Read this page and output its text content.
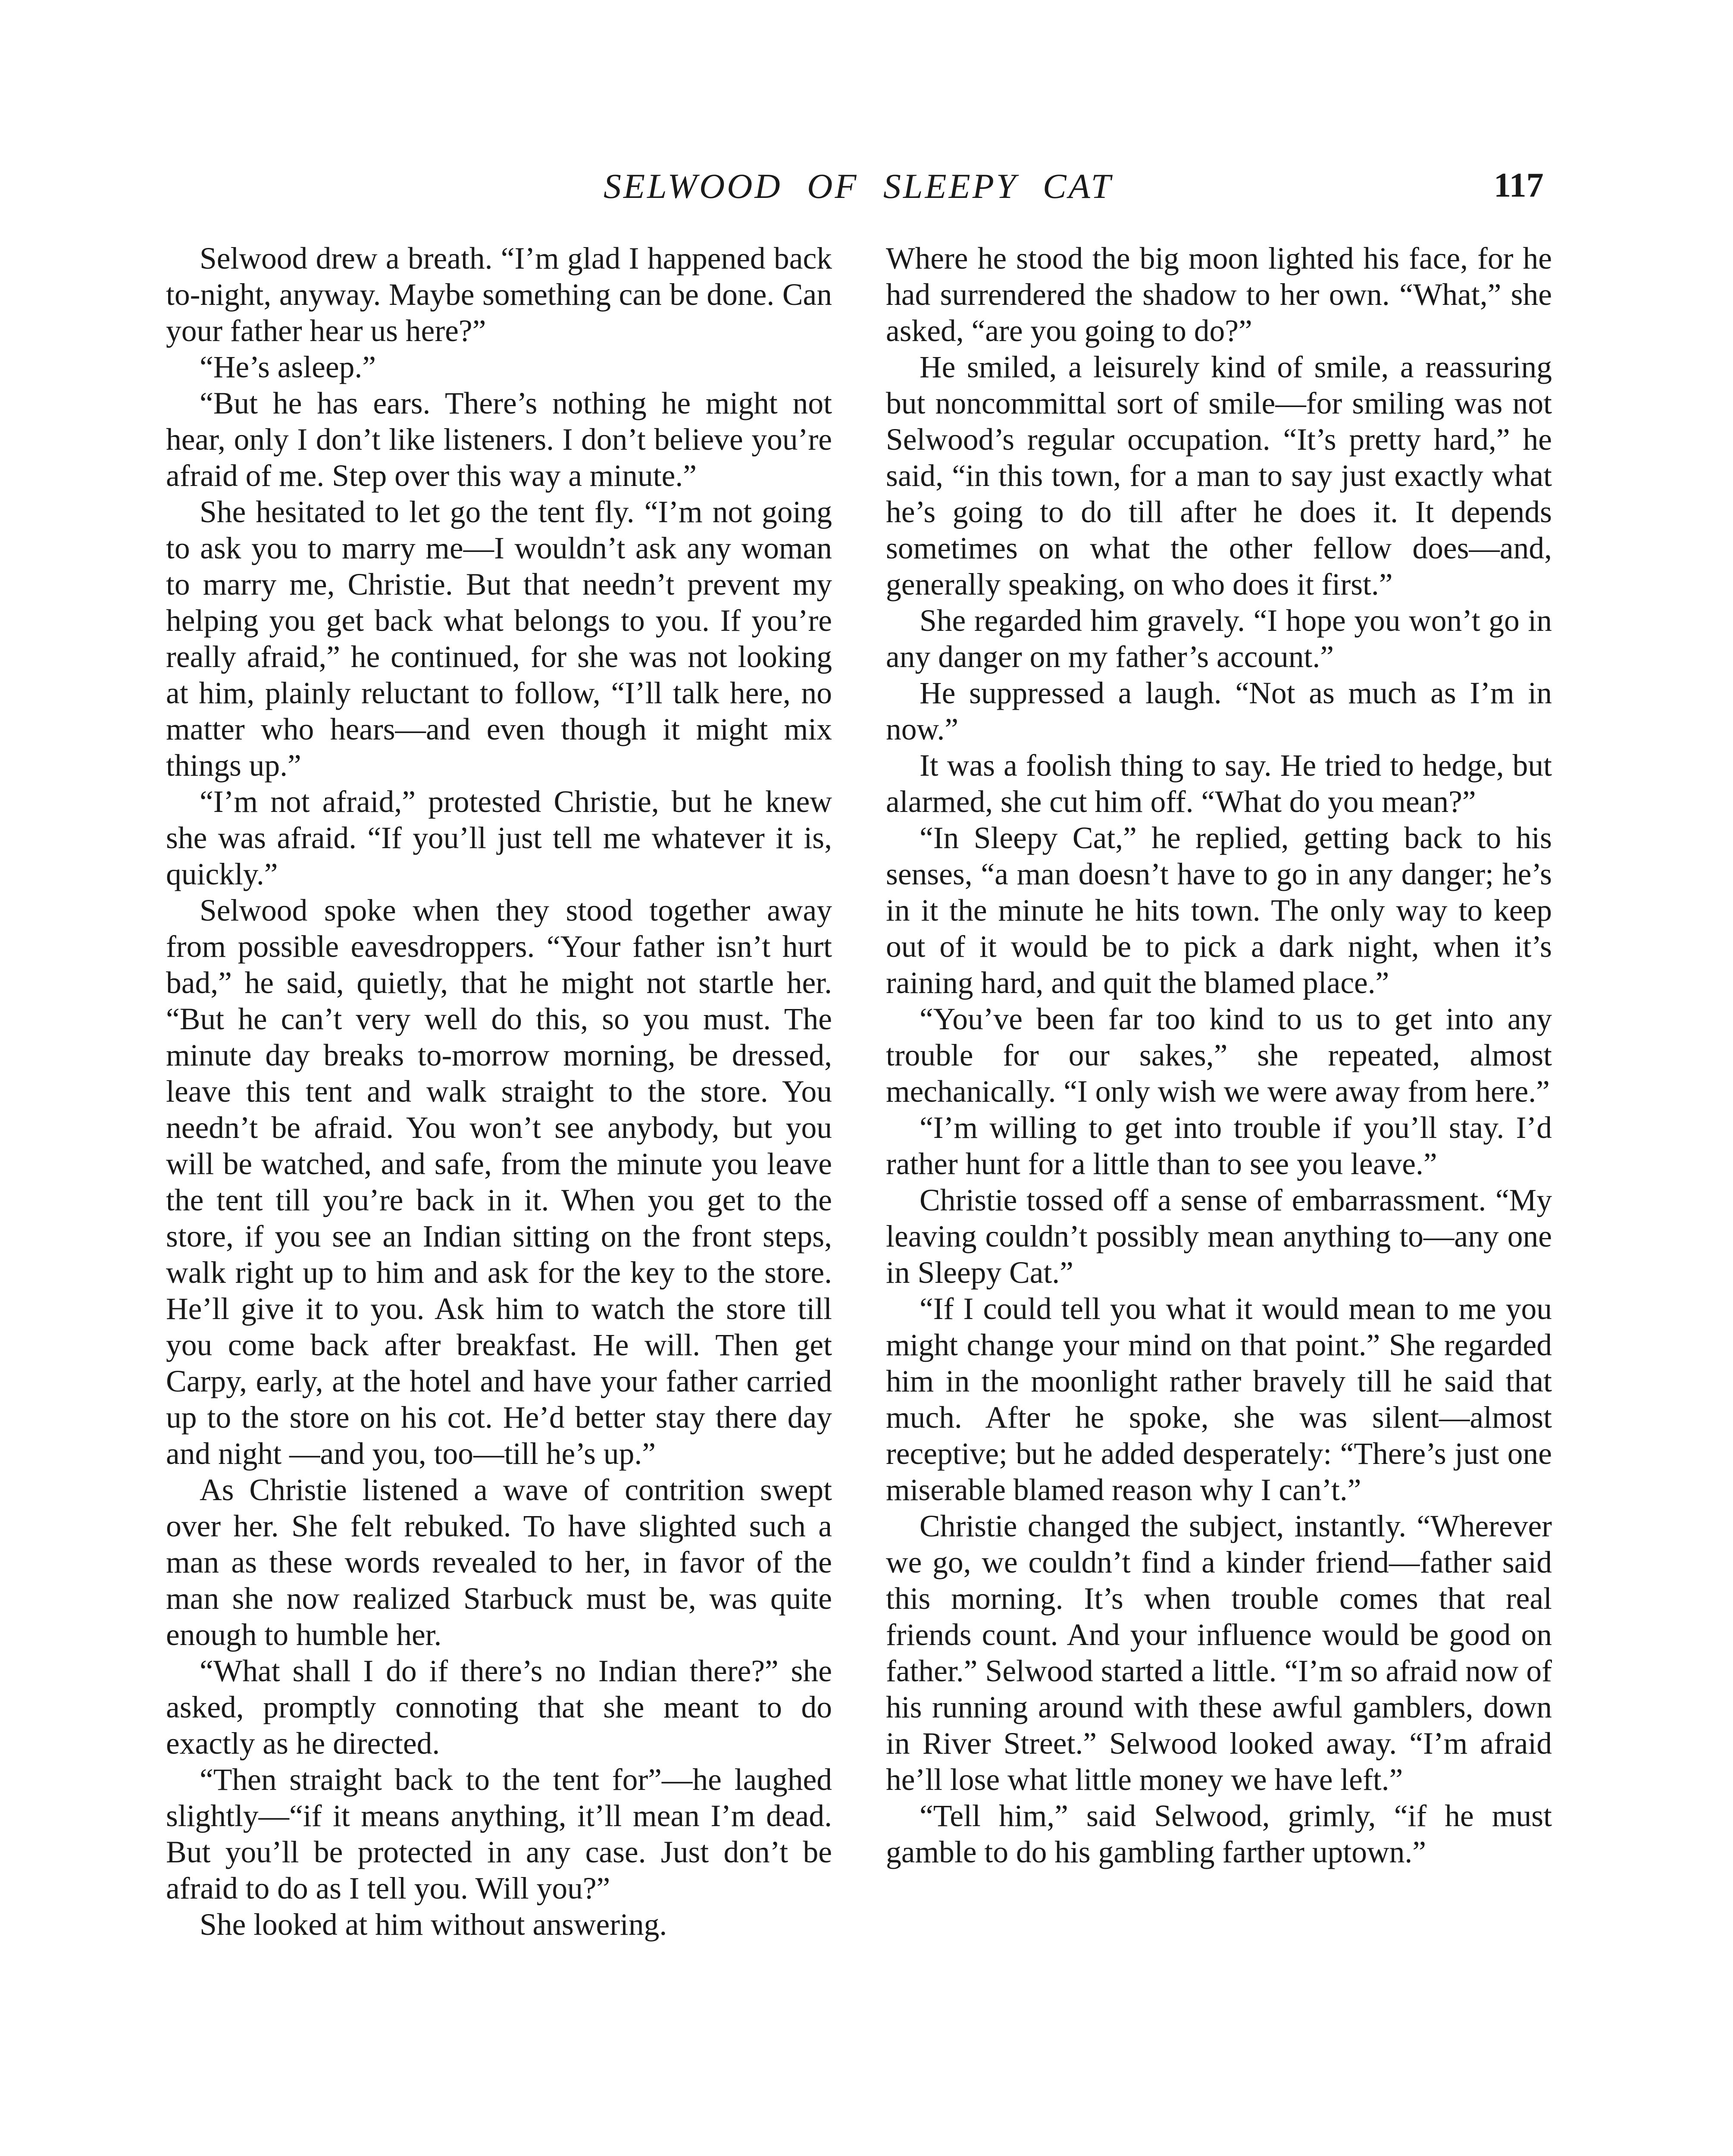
SELWOOD OF SLEEPY CAT	117

Selwood drew a breath. “I’m glad I happened back to-night, anyway. Maybe something can be done. Can your father hear us here?”

“He’s asleep.”

“But he has ears. There’s nothing he might not hear, only I don’t like listeners. I don’t believe you’re afraid of me. Step over this way a minute.”

She hesitated to let go the tent fly. “I’m not going to ask you to marry me—I wouldn’t ask any woman to marry me, Christie. But that needn’t prevent my helping you get back what belongs to you. If you’re really afraid,” he continued, for she was not looking at him, plainly reluctant to follow, “I’ll talk here, no matter who hears—and even though it might mix things up.”

“I’m not afraid,” protested Christie, but he knew she was afraid. “If you’ll just tell me whatever it is, quickly.”

Selwood spoke when they stood together away from possible eavesdroppers. “Your father isn’t hurt bad,” he said, quietly, that he might not startle her. “But he can’t very well do this, so you must. The minute day breaks to-morrow morning, be dressed, leave this tent and walk straight to the store. You needn’t be afraid. You won’t see anybody, but you will be watched, and safe, from the minute you leave the tent till you’re back in it. When you get to the store, if you see an Indian sitting on the front steps, walk right up to him and ask for the key to the store. He’ll give it to you. Ask him to watch the store till you come back after breakfast. He will. Then get Carpy, early, at the hotel and have your father carried up to the store on his cot. He’d better stay there day and night —and you, too—till he’s up.”

As Christie listened a wave of contrition swept over her. She felt rebuked. To have slighted such a man as these words revealed to her, in favor of the man she now realized Starbuck must be, was quite enough to humble her.

“What shall I do if there’s no Indian there?” she asked, promptly connoting that she meant to do exactly as he directed.

“Then straight back to the tent for”—he laughed slightly—“if it means anything, it’ll mean I’m dead. But you’ll be protected in any case. Just don’t be afraid to do as I tell you. Will you?”

She looked at him without answering.

Where he stood the big moon lighted his face, for he had surrendered the shadow to her own. “What,” she asked, “are you going to do?”

He smiled, a leisurely kind of smile, a reassuring but noncommittal sort of smile—for smiling was not Selwood’s regular occupation. “It’s pretty hard,” he said, “in this town, for a man to say just exactly what he’s going to do till after he does it. It depends sometimes on what the other fellow does—and, generally speaking, on who does it first.”

She regarded him gravely. “I hope you won’t go in any danger on my father’s account.”

He suppressed a laugh. “Not as much as I’m in now.”

It was a foolish thing to say. He tried to hedge, but alarmed, she cut him off. “What do you mean?”

“In Sleepy Cat,” he replied, getting back to his senses, “a man doesn’t have to go in any danger; he’s in it the minute he hits town. The only way to keep out of it would be to pick a dark night, when it’s raining hard, and quit the blamed place.”

“You’ve been far too kind to us to get into any trouble for our sakes,” she repeated, almost mechanically. “I only wish we were away from here.”

“I’m willing to get into trouble if you’ll stay. I’d rather hunt for a little than to see you leave.”

Christie tossed off a sense of embarrassment. “My leaving couldn’t possibly mean anything to—any one in Sleepy Cat.”

“If I could tell you what it would mean to me you might change your mind on that point.” She regarded him in the moonlight rather bravely till he said that much. After he spoke, she was silent—almost receptive; but he added desperately: “There’s just one miserable blamed reason why I can’t.”

Christie changed the subject, instantly. “Wherever we go, we couldn’t find a kinder friend—father said this morning. It’s when trouble comes that real friends count. And your influence would be good on father.” Selwood started a little. “I’m so afraid now of his running around with these awful gamblers, down in River Street.” Selwood looked away. “I’m afraid he’ll lose what little money we have left.”

“Tell him,” said Selwood, grimly, “if he must gamble to do his gambling farther uptown.”
